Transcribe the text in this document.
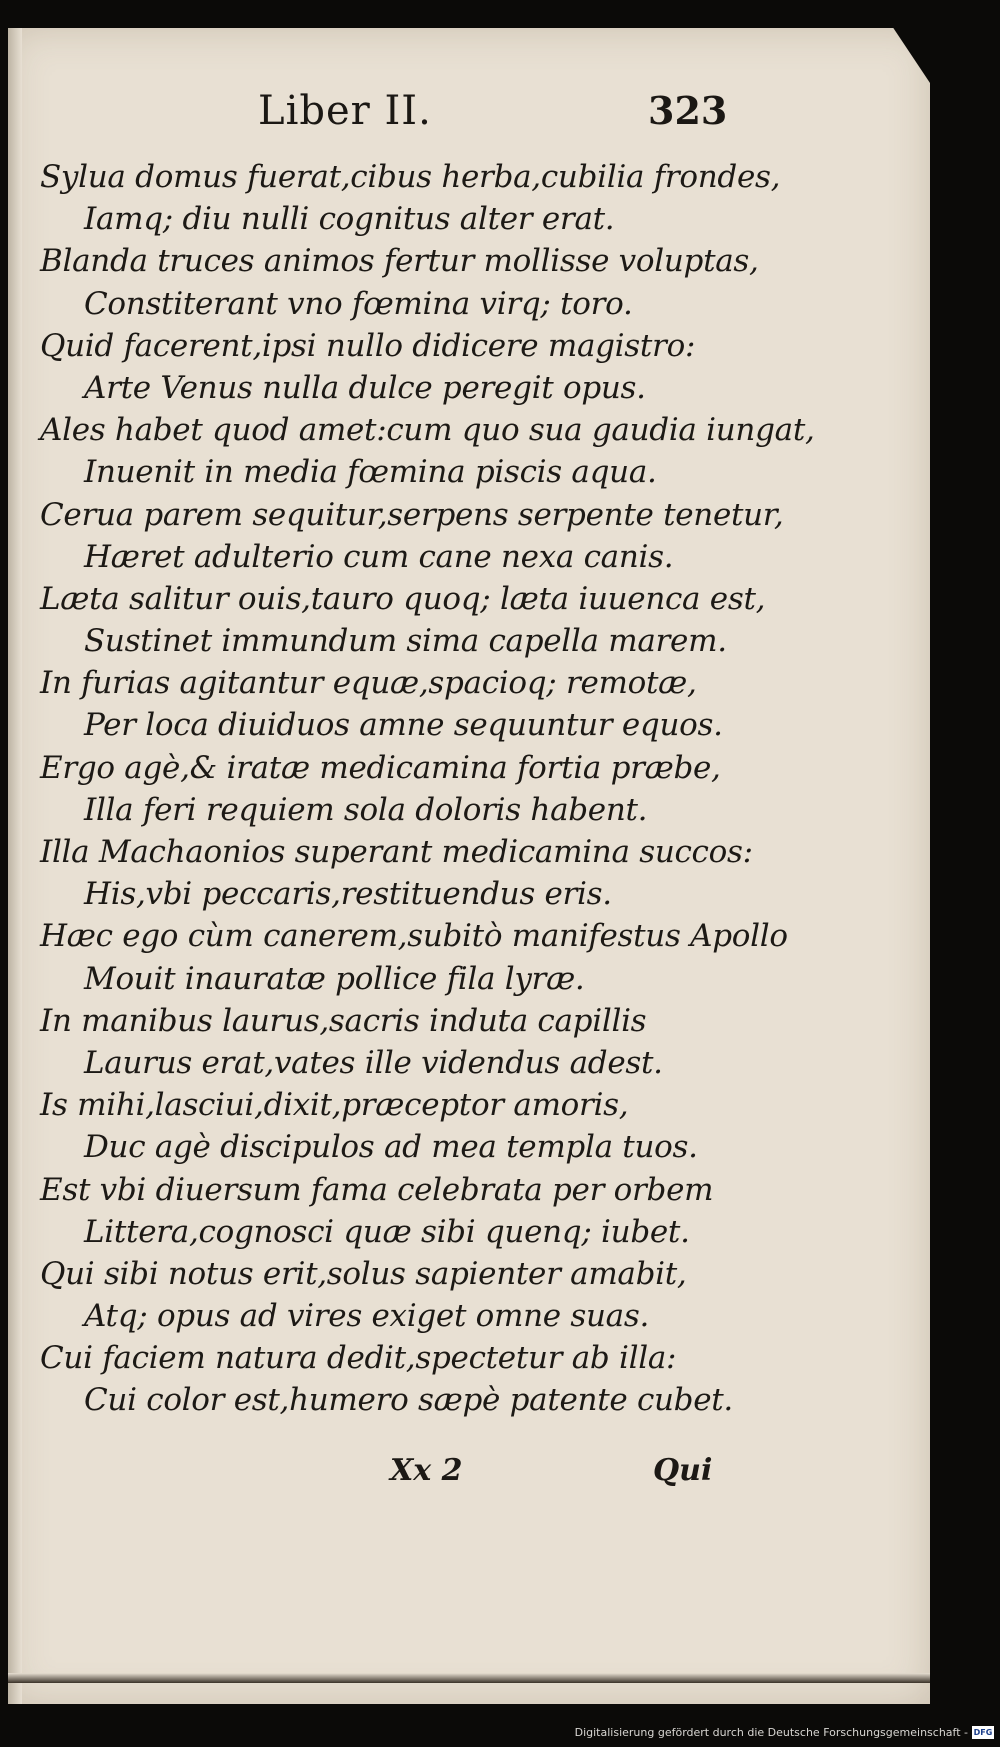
Liber II.	323
Sylua domus fuerat,cibus herba,cubilia frondes,
Iamq; diu nulli cognitus alter erat.
Blanda truces animos fertur mollisse voluptas,
Constiterant vno fœmina virq; toro.
Quid facerent,ipsi nullo didicere magistro:
Arte Venus nulla dulce peregit opus.
Ales habet quod amet:cum quo sua gaudia iungat,
Inuenit in media fœmina piscis aqua.
Cerua parem sequitur,serpens serpente tenetur,
Hæret adulterio cum cane nexa canis.
Læta salitur ouis,tauro quoq; læta iuuenca est,
Sustinet immundum sima capella marem.
In furias agitantur equæ,spacioq; remotæ,
Per loca diuiduos amne sequuntur equos.
Ergo agè,& iratæ medicamina fortia præbe,
Illa feri requiem sola doloris habent.
Illa Machaonios superant medicamina succos:
His,vbi peccaris,restituendus eris.
Hæc ego cùm canerem,subitò manifestus Apollo
Mouit inauratæ pollice fila lyræ.
In manibus laurus,sacris induta capillis
Laurus erat,vates ille videndus adest.
Is mihi,lasciui,dixit,præceptor amoris,
Duc agè discipulos ad mea templa tuos.
Est vbi diuersum fama celebrata per orbem
Littera,cognosci quæ sibi quenq; iubet.
Qui sibi notus erit,solus sapienter amabit,
Atq; opus ad vires exiget omne suas.
Cui faciem natura dedit,spectetur ab illa:
Cui color est,humero sæpè patente cubet.
Xx 2	Qui
Digitalisierung gefördert durch die Deutsche Forschungsgemeinschaft - DFG
